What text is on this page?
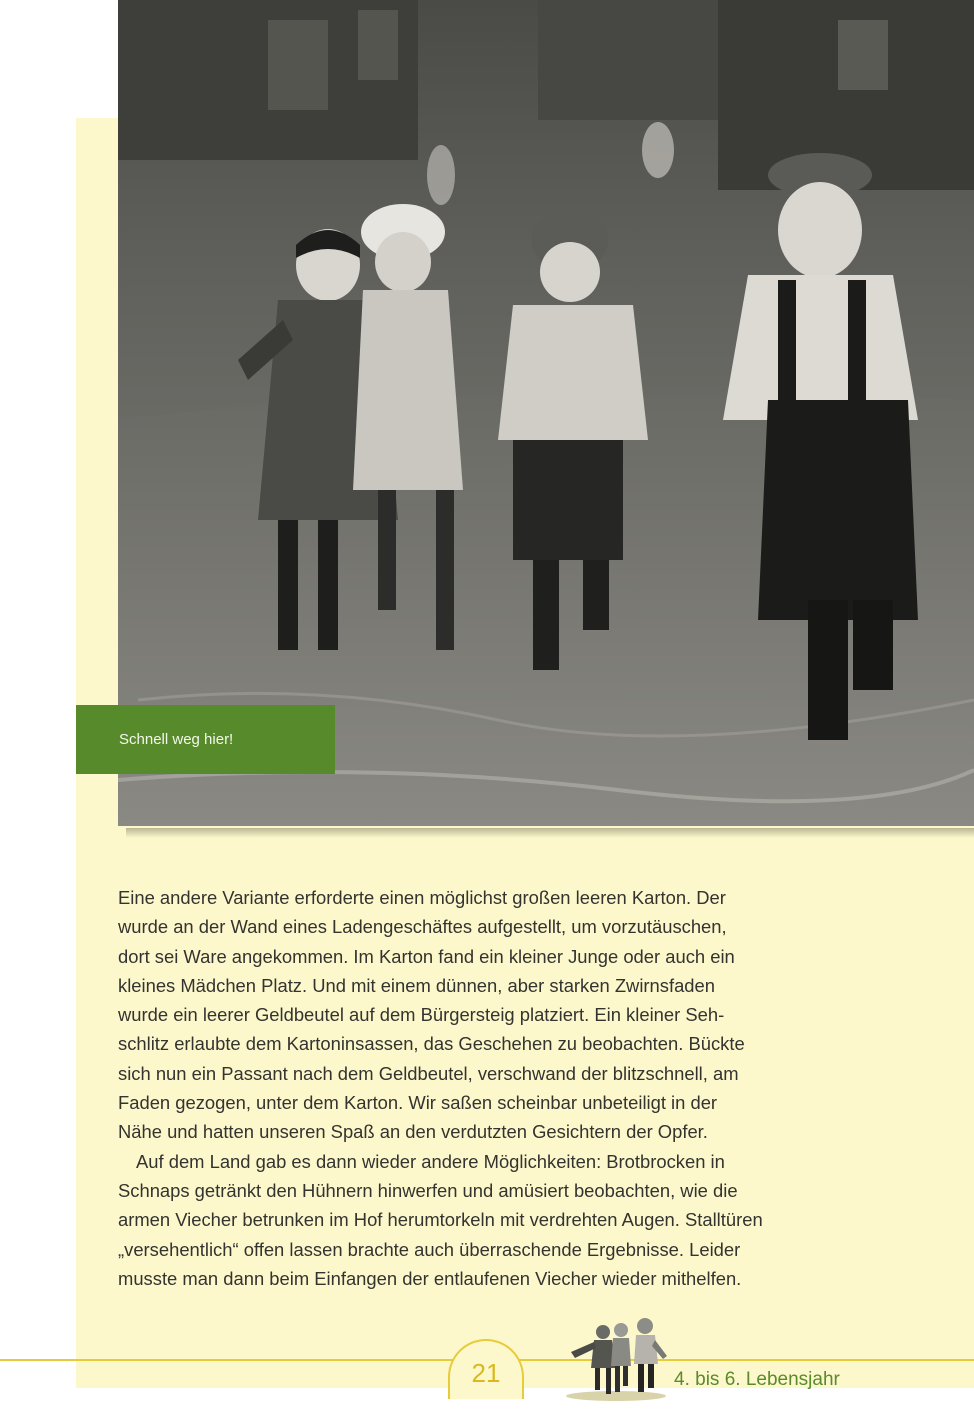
Schnell weg hier!

Eine andere Variante erforderte einen möglichst großen leeren Karton. Der

wurde an der Wand eines Ladengeschäftes aufgestellt, um vorzutäuschen,

dort sei Ware angekommen. Im Karton fand ein kleiner Junge oder auch ein

kleines Mädchen Platz. Und mit einem dünnen, aber starken Zwirnsfaden

wurde ein leerer Geldbeutel auf dem Bürgersteig platziert. Ein kleiner Seh-

schlitz erlaubte dem Kartoninsassen, das Geschehen zu beobachten. Bückte

sich nun ein Passant nach dem Geldbeutel, verschwand der blitzschnell, am

Faden gezogen, unter dem Karton. Wir saßen scheinbar unbeteiligt in der

Nähe und hatten unseren Spaß an den verdutzten Gesichtern der Opfer.

Auf dem Land gab es dann wieder andere Möglichkeiten: Brotbrocken in

Schnaps getränkt den Hühnern hinwerfen und amüsiert beobachten, wie die

armen Viecher betrunken im Hof herumtorkeln mit verdrehten Augen. Stalltüren

„versehentlich“ offen lassen brachte auch überraschende Ergebnisse. Leider

musste man dann beim Einfangen der entlaufenen Viecher wieder mithelfen.

21	4. bis 6. Lebensjahr
